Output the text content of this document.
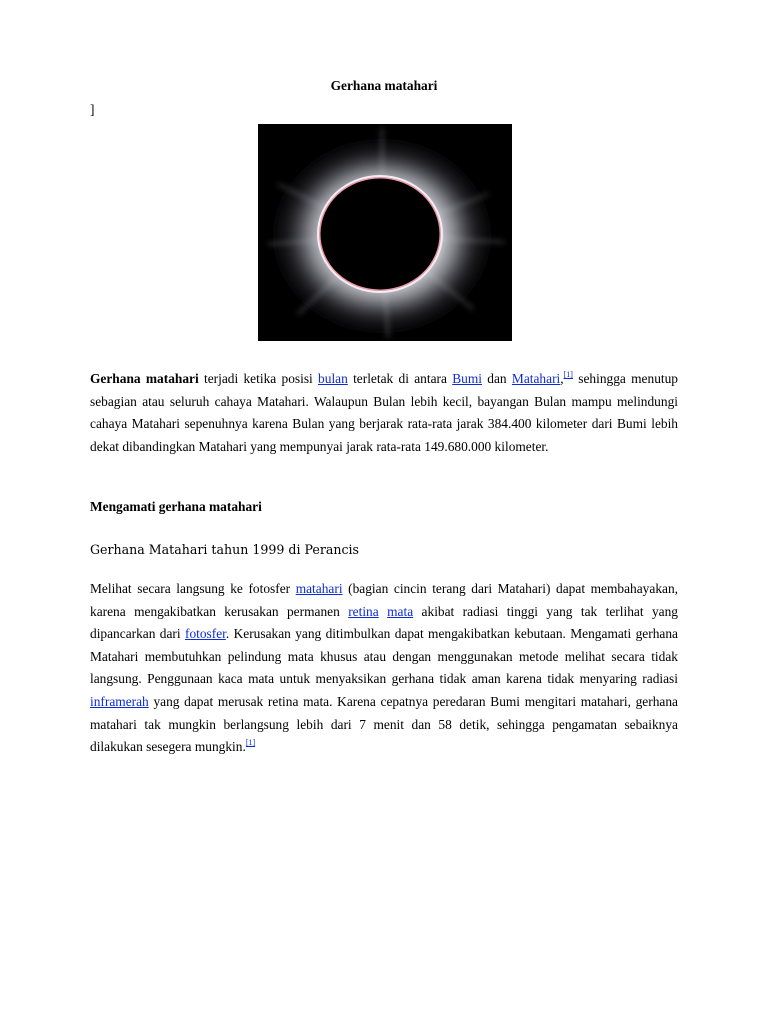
Gerhana matahari
]

Gerhana matahari terjadi ketika posisi bulan terletak di antara Bumi dan Matahari,[1] sehingga menutup sebagian atau seluruh cahaya Matahari. Walaupun Bulan lebih kecil, bayangan Bulan mampu melindungi cahaya Matahari sepenuhnya karena Bulan yang berjarak rata-rata jarak 384.400 kilometer dari Bumi lebih dekat dibandingkan Matahari yang mempunyai jarak rata-rata 149.680.000 kilometer.

Mengamati gerhana matahari

Gerhana Matahari tahun 1999 di Perancis

Melihat secara langsung ke fotosfer matahari (bagian cincin terang dari Matahari) dapat membahayakan, karena mengakibatkan kerusakan permanen retina mata akibat radiasi tinggi yang tak terlihat yang dipancarkan dari fotosfer. Kerusakan yang ditimbulkan dapat mengakibatkan kebutaan. Mengamati gerhana Matahari membutuhkan pelindung mata khusus atau dengan menggunakan metode melihat secara tidak langsung. Penggunaan kaca mata untuk menyaksikan gerhana tidak aman karena tidak menyaring radiasi inframerah yang dapat merusak retina mata. Karena cepatnya peredaran Bumi mengitari matahari, gerhana matahari tak mungkin berlangsung lebih dari 7 menit dan 58 detik, sehingga pengamatan sebaiknya dilakukan sesegera mungkin.[1]
